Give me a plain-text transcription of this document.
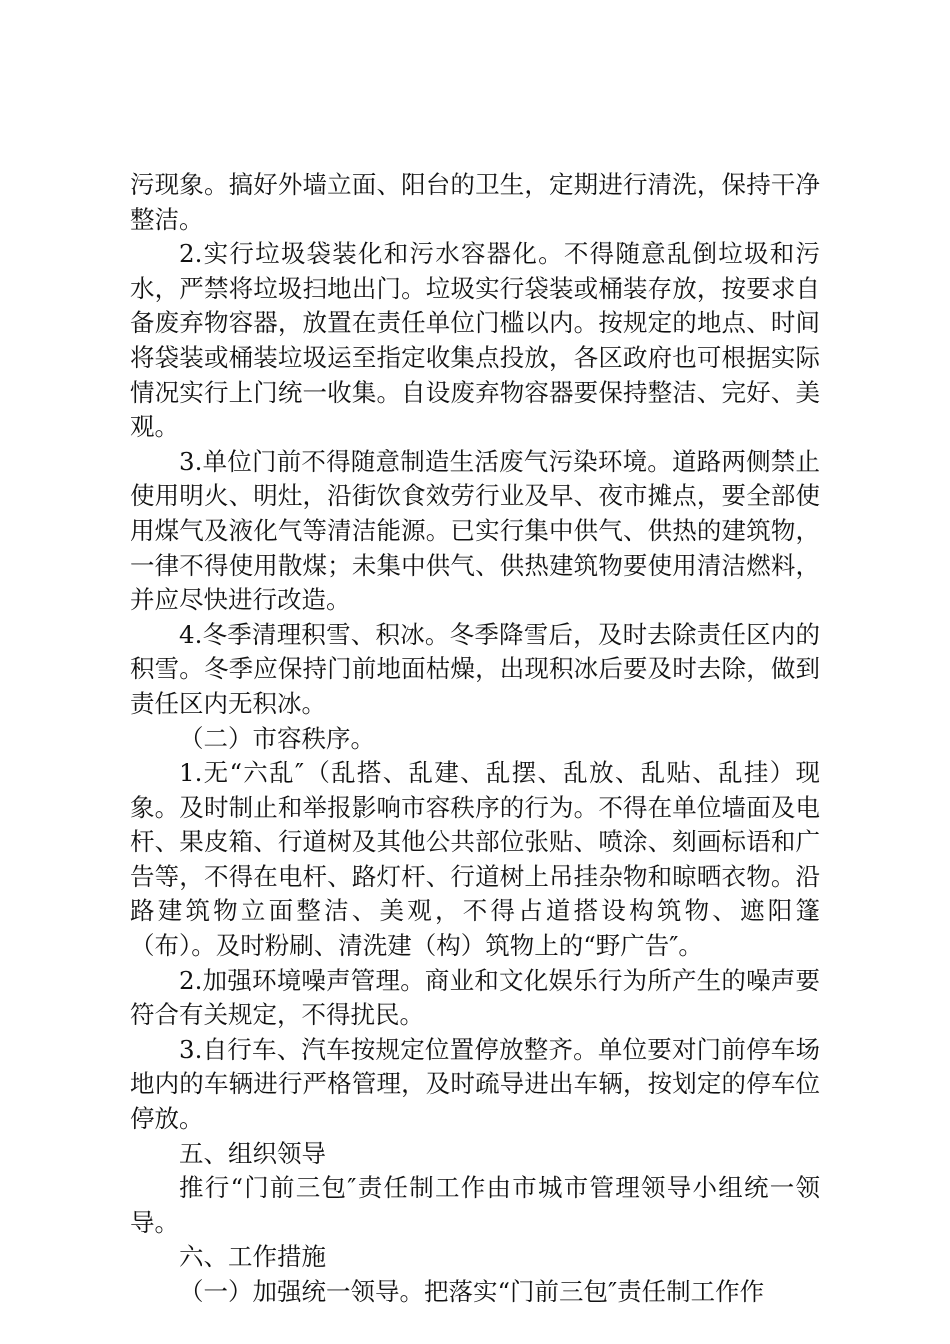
污现象。搞好外墙立面、阳台的卫生，定期进行清洗，保持干净整洁。

2.实行垃圾袋装化和污水容器化。不得随意乱倒垃圾和污水，严禁将垃圾扫地出门。垃圾实行袋装或桶装存放，按要求自备废弃物容器，放置在责任单位门槛以内。按规定的地点、时间将袋装或桶装垃圾运至指定收集点投放，各区政府也可根据实际情况实行上门统一收集。自设废弃物容器要保持整洁、完好、美观。

3.单位门前不得随意制造生活废气污染环境。道路两侧禁止使用明火、明灶，沿街饮食效劳行业及早、夜市摊点，要全部使用煤气及液化气等清洁能源。已实行集中供气、供热的建筑物，一律不得使用散煤；未集中供气、供热建筑物要使用清洁燃料，并应尽快进行改造。

4.冬季清理积雪、积冰。冬季降雪后，及时去除责任区内的积雪。冬季应保持门前地面枯燥，出现积冰后要及时去除，做到责任区内无积冰。

（二）市容秩序。

1.无“六乱″（乱搭、乱建、乱摆、乱放、乱贴、乱挂）现象。及时制止和举报影响市容秩序的行为。不得在单位墙面及电杆、果皮箱、行道树及其他公共部位张贴、喷涂、刻画标语和广告等，不得在电杆、路灯杆、行道树上吊挂杂物和晾晒衣物。沿路建筑物立面整洁、美观，不得占道搭设构筑物、遮阳篷（布）。及时粉刷、清洗建（构）筑物上的“野广告″。

2.加强环境噪声管理。商业和文化娱乐行为所产生的噪声要符合有关规定，不得扰民。

3.自行车、汽车按规定位置停放整齐。单位要对门前停车场地内的车辆进行严格管理，及时疏导进出车辆，按划定的停车位停放。

五、组织领导

推行“门前三包″责任制工作由市城市管理领导小组统一领导。

六、工作措施

（一）加强统一领导。把落实“门前三包″责任制工作作
